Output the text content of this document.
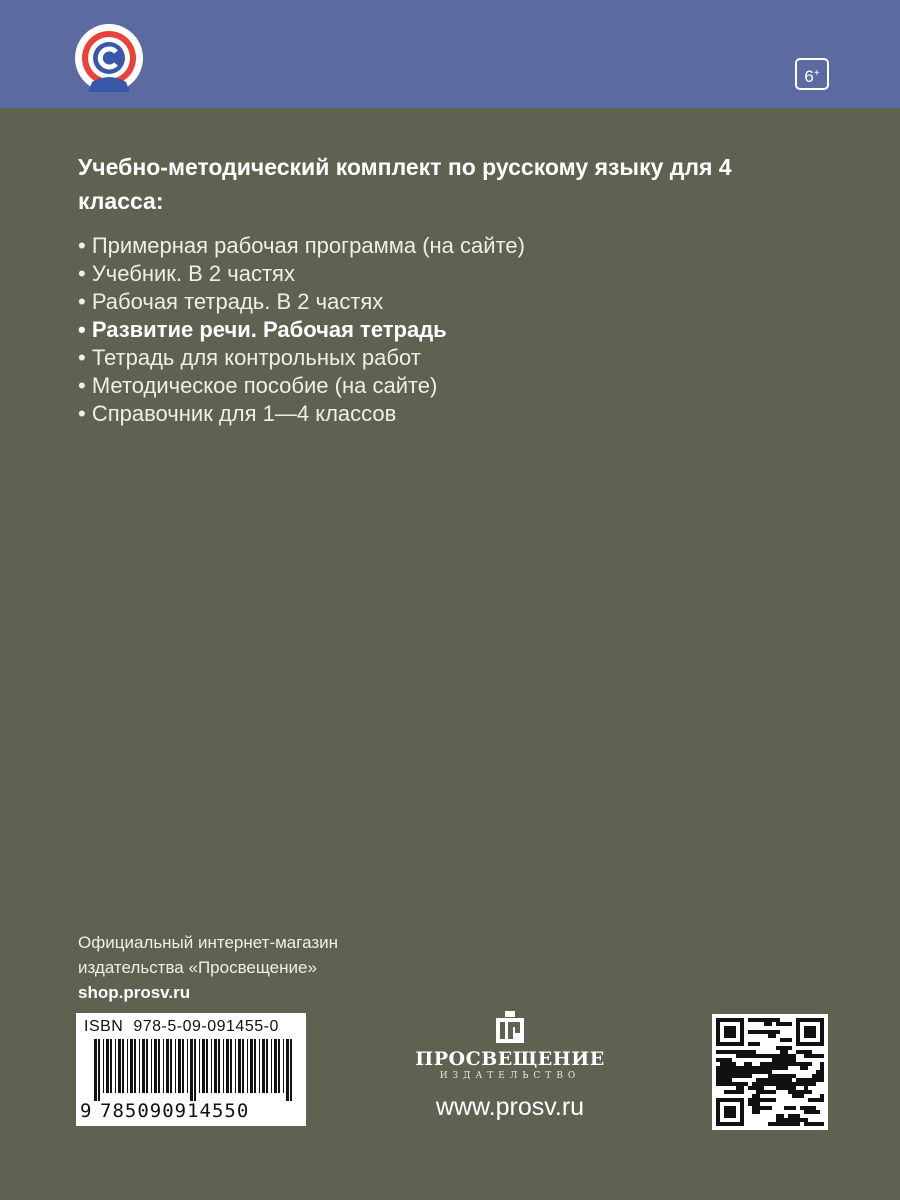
6+
Учебно-методический комплект по русскому языку для 4 класса:
• Примерная рабочая программа (на сайте)
• Учебник. В 2 частях
• Рабочая тетрадь. В 2 частях
• Развитие речи. Рабочая тетрадь
• Тетрадь для контрольных работ
• Методическое пособие (на сайте)
• Справочник для 1—4 классов
Официальный интернет-магазин
издательства «Просвещение»
shop.prosv.ru
ISBN 978-5-09-091455-0
9 785090914550
ПРОСВЕЩЕНИЕ
ИЗДАТЕЛЬСТВО
www.prosv.ru
